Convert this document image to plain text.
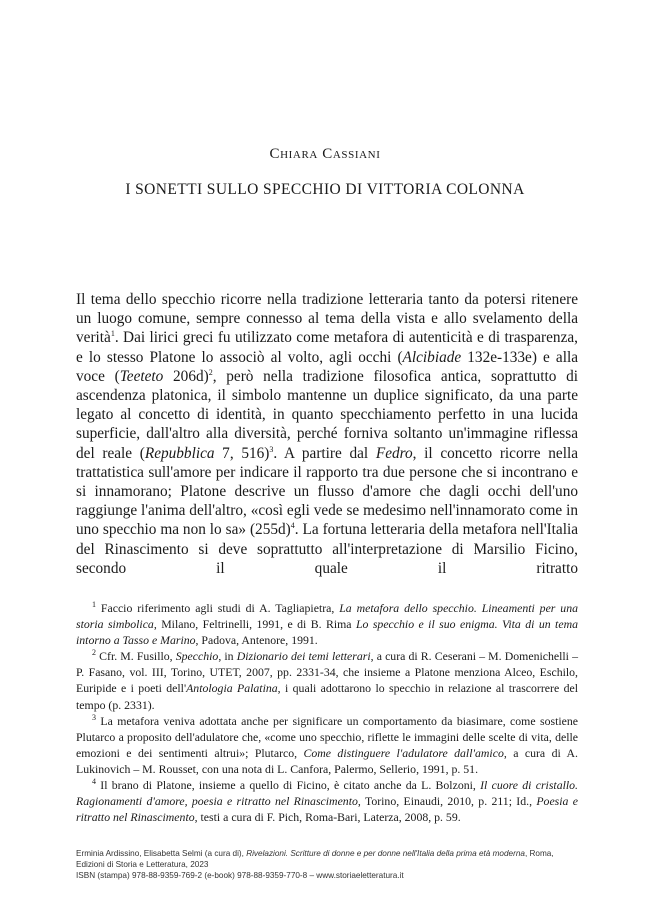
Chiara Cassiani
I SONETTI SULLO SPECCHIO DI VITTORIA COLONNA

Il tema dello specchio ricorre nella tradizione letteraria tanto da potersi ritenere un luogo comune, sempre connesso al tema della vista e allo svelamento della verità$^1$. Dai lirici greci fu utilizzato come metafora di autenticità e di trasparenza, e lo stesso Platone lo associò al volto, agli occhi (Alcibiade 132e-133e) e alla voce (Teeteto 206d)$^2$, però nella tradizione filosofica antica, soprattutto di ascendenza platonica, il simbolo mantenne un duplice significato, da una parte legato al concetto di identità, in quanto specchiamento perfetto in una lucida superficie, dall'altro alla diversità, perché forniva soltanto un'immagine riflessa del reale (Repubblica 7, 516)$^3$. A partire dal Fedro, il concetto ricorre nella trattatistica sull'amore per indicare il rapporto tra due persone che si incontrano e si innamorano; Platone descrive un flusso d'amore che dagli occhi dell'uno raggiunge l'anima dell'altro, «così egli vede se medesimo nell'innamorato come in uno specchio ma non lo sa» $(255d)^4$. La fortuna letteraria della metafora nell'Italia del Rinascimento si deve soprattutto all'interpretazione di Marsilio Ficino, secondo il quale il ritratto

$^1$ Faccio riferimento agli studi di A. Tagliapietra, La metafora dello specchio. Lineamenti per una storia simbolica, Milano, Feltrinelli, 1991, e di B. Rima Lo specchio e il suo enigma. Vita di un tema intorno a Tasso e Marino, Padova, Antenore, 1991.

$^2$ Cfr. M. Fusillo, Specchio, in Dizionario dei temi letterari, a cura di R. Ceserani – M. Domenichelli – P. Fasano, vol. III, Torino, UTET, 2007, pp. 2331-34, che insieme a Platone menziona Alceo, Eschilo, Euripide e i poeti dell'Antologia Palatina, i quali adottarono lo specchio in relazione al trascorrere del tempo (p. 2331).

$^3$ La metafora veniva adottata anche per significare un comportamento da biasimare, come sostiene Plutarco a proposito dell'adulatore che, «come uno specchio, riflette le immagini delle scelte di vita, delle emozioni e dei sentimenti altrui»; Plutarco, Come distinguere l'adulatore dall'amico, a cura di A. Lukinovich – M. Rousset, con una nota di L. Canfora, Palermo, Sellerio, 1991, p. 51.

$^4$ Il brano di Platone, insieme a quello di Ficino, è citato anche da L. Bolzoni, Il cuore di cristallo. Ragionamenti d'amore, poesia e ritratto nel Rinascimento, Torino, Einaudi, 2010, p. 211; Id., Poesia e ritratto nel Rinascimento, testi a cura di F. Pich, Roma-Bari, Laterza, 2008, p. 59.

Erminia Ardissino, Elisabetta Selmi (a cura di), Rivelazioni. Scritture di donne e per donne nell'Italia della prima età moderna, Roma, Edizioni di Storia e Letteratura, 2023

ISBN (stampa) 978-88-9359-769-2 (e-book) 978-88-9359-770-8 – www.storiaeletteratura.it
